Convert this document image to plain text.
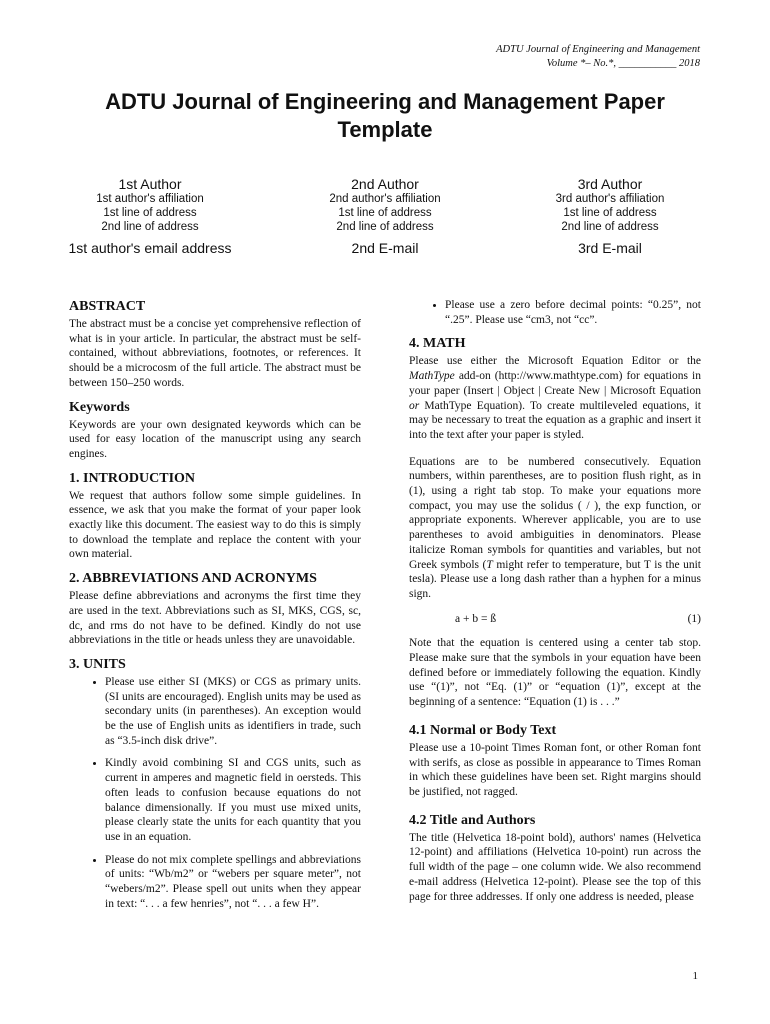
ADTU Journal of Engineering and Management
Volume *– No.*, ___________ 2018
ADTU Journal of Engineering and Management Paper
Template
1st Author
1st author's affiliation
1st line of address
2nd line of address
1st author's email address
2nd Author
2nd author's affiliation
1st line of address
2nd line of address
2nd E-mail
3rd Author
3rd author's affiliation
1st line of address
2nd line of address
3rd E-mail
ABSTRACT

The abstract must be a concise yet comprehensive reflection of what is in your article. In particular, the abstract must be self-contained, without abbreviations, footnotes, or references. It should be a microcosm of the full article. The abstract must be between 150–250 words.

Keywords

Keywords are your own designated keywords which can be used for easy location of the manuscript using any search engines.

1. INTRODUCTION

We request that authors follow some simple guidelines. In essence, we ask that you make the format of your paper look exactly like this document. The easiest way to do this is simply to download the template and replace the content with your own material.

2. ABBREVIATIONS AND ACRONYMS

Please define abbreviations and acronyms the first time they are used in the text. Abbreviations such as SI, MKS, CGS, sc, dc, and rms do not have to be defined. Kindly do not use abbreviations in the title or heads unless they are unavoidable.

3. UNITS
• Please use either SI (MKS) or CGS as primary units. (SI units are encouraged). English units may be used as secondary units (in parentheses). An exception would be the use of English units as identifiers in trade, such as “3.5-inch disk drive”.
• Kindly avoid combining SI and CGS units, such as current in amperes and magnetic field in oersteds. This often leads to confusion because equations do not balance dimensionally. If you must use mixed units, please clearly state the units for each quantity that you use in an equation.
• Please do not mix complete spellings and abbreviations of units: “Wb/m2” or “webers per square meter”, not “webers/m2”. Please spell out units when they appear in text: “. . . a few henries”, not “. . . a few H”.
• Please use a zero before decimal points: “0.25”, not “.25”. Please use “cm3, not “cc”.
4. MATH

Please use either the Microsoft Equation Editor or the MathType add-on (http://www.mathtype.com) for equations in your paper (Insert | Object | Create New | Microsoft Equation or MathType Equation). To create multileveled equations, it may be necessary to treat the equation as a graphic and insert it into the text after your paper is styled.

Equations are to be numbered consecutively. Equation numbers, within parentheses, are to position flush right, as in (1), using a right tab stop. To make your equations more compact, you may use the solidus ( / ), the exp function, or appropriate exponents. Wherever applicable, you are to use parentheses to avoid ambiguities in denominators. Please italicize Roman symbols for quantities and variables, but not Greek symbols (T might refer to temperature, but T is the unit tesla). Please use a long dash rather than a hyphen for a minus sign.

a + b = ß	(1)

Note that the equation is centered using a center tab stop. Please make sure that the symbols in your equation have been defined before or immediately following the equation. Kindly use “(1)”, not “Eq. (1)” or “equation (1)”, except at the beginning of a sentence: “Equation (1) is . . .”

4.1 Normal or Body Text

Please use a 10-point Times Roman font, or other Roman font with serifs, as close as possible in appearance to Times Roman in which these guidelines have been set. Right margins should be justified, not ragged.

4.2 Title and Authors

The title (Helvetica 18-point bold), authors' names (Helvetica 12-point) and affiliations (Helvetica 10-point) run across the full width of the page – one column wide. We also recommend e-mail address (Helvetica 12-point). Please see the top of this page for three addresses. If only one address is needed, please

1
